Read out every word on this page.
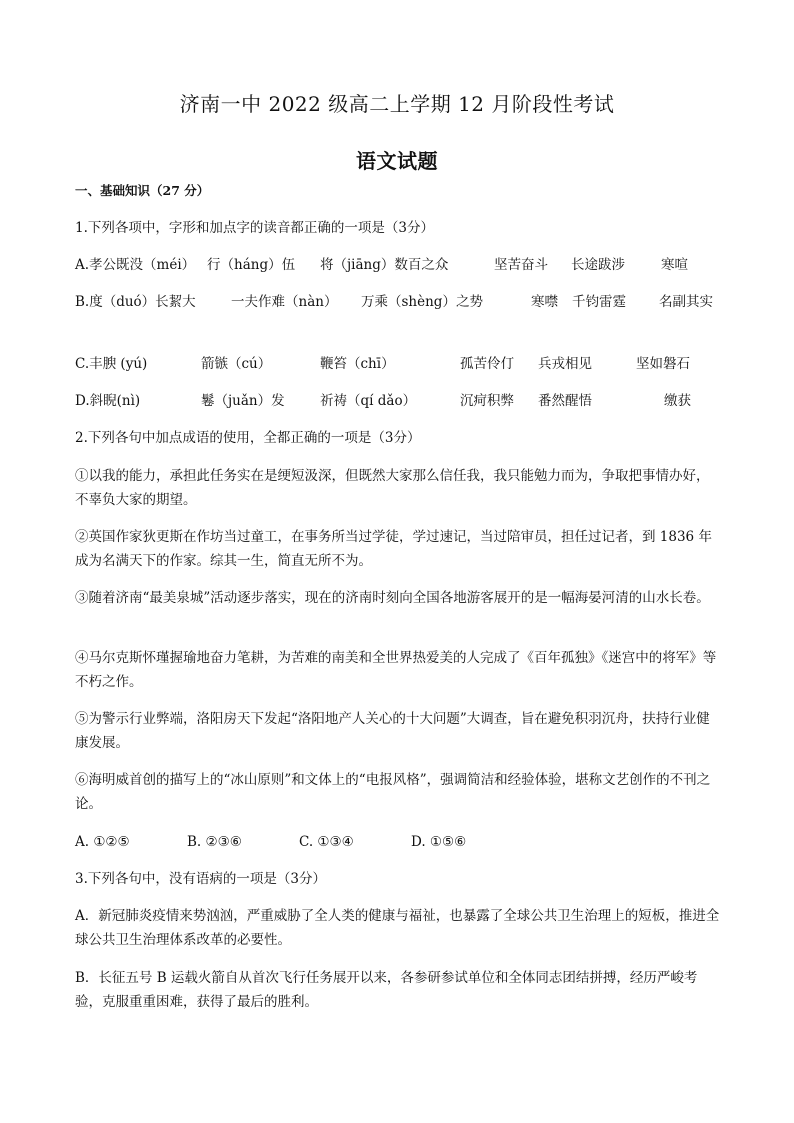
济南一中 2022 级高二上学期 12 月阶段性考试
语文试题
一、基础知识（27 分）
1.下列各项中，字形和加点字的读音都正确的一项是（3分）
A.孝公既没（méi） 行（háng）伍 将（jiāng）数百之众	坚苦奋斗 长途跋涉	寒喧
B.度（duó）长絜大	一夫作难（nàn） 万乘（shèng）之势	寒噤 千钧雷霆 名副其实
C.丰腴 (yú)	箭镞（cú）	鞭笞（chī）	孤苦伶仃 兵戎相见	坚如磐石
D.斜睨(nì)	鬈（juǎn）发	祈祷（qí dǎo）	沉疴积弊 番然醒悟	缴获
2.下列各句中加点成语的使用，全都正确的一项是（3分）
①以我的能力，承担此任务实在是绠短汲深，但既然大家那么信任我，我只能勉力而为，争取把事情办好，不辜负大家的期望。
②英国作家狄更斯在作坊当过童工，在事务所当过学徒，学过速记，当过陪审员，担任过记者，到 1836 年成为名满天下的作家。综其一生，简直无所不为。
③随着济南“最美泉城”活动逐步落实，现在的济南时刻向全国各地游客展开的是一幅海晏河清的山水长卷。
④马尔克斯怀瑾握瑜地奋力笔耕，为苦难的南美和全世界热爱美的人完成了《百年孤独》《迷宫中的将军》等不朽之作。
⑤为警示行业弊端，洛阳房天下发起“洛阳地产人关心的十大问题”大调查，旨在避免积羽沉舟，扶持行业健康发展。
⑥海明威首创的描写上的“冰山原则”和文体上的“电报风格”，强调简洁和经验体验，堪称文艺创作的不刊之论。
A. ①②⑤	B. ②③⑥	C. ①③④	D. ①⑤⑥
3.下列各句中，没有语病的一项是（3分）
A．新冠肺炎疫情来势汹汹，严重威胁了全人类的健康与福祉，也暴露了全球公共卫生治理上的短板，推进全球公共卫生治理体系改革的必要性。
B．长征五号 B 运载火箭自从首次飞行任务展开以来，各参研参试单位和全体同志团结拼搏，经历严峻考验，克服重重困难，获得了最后的胜利。
